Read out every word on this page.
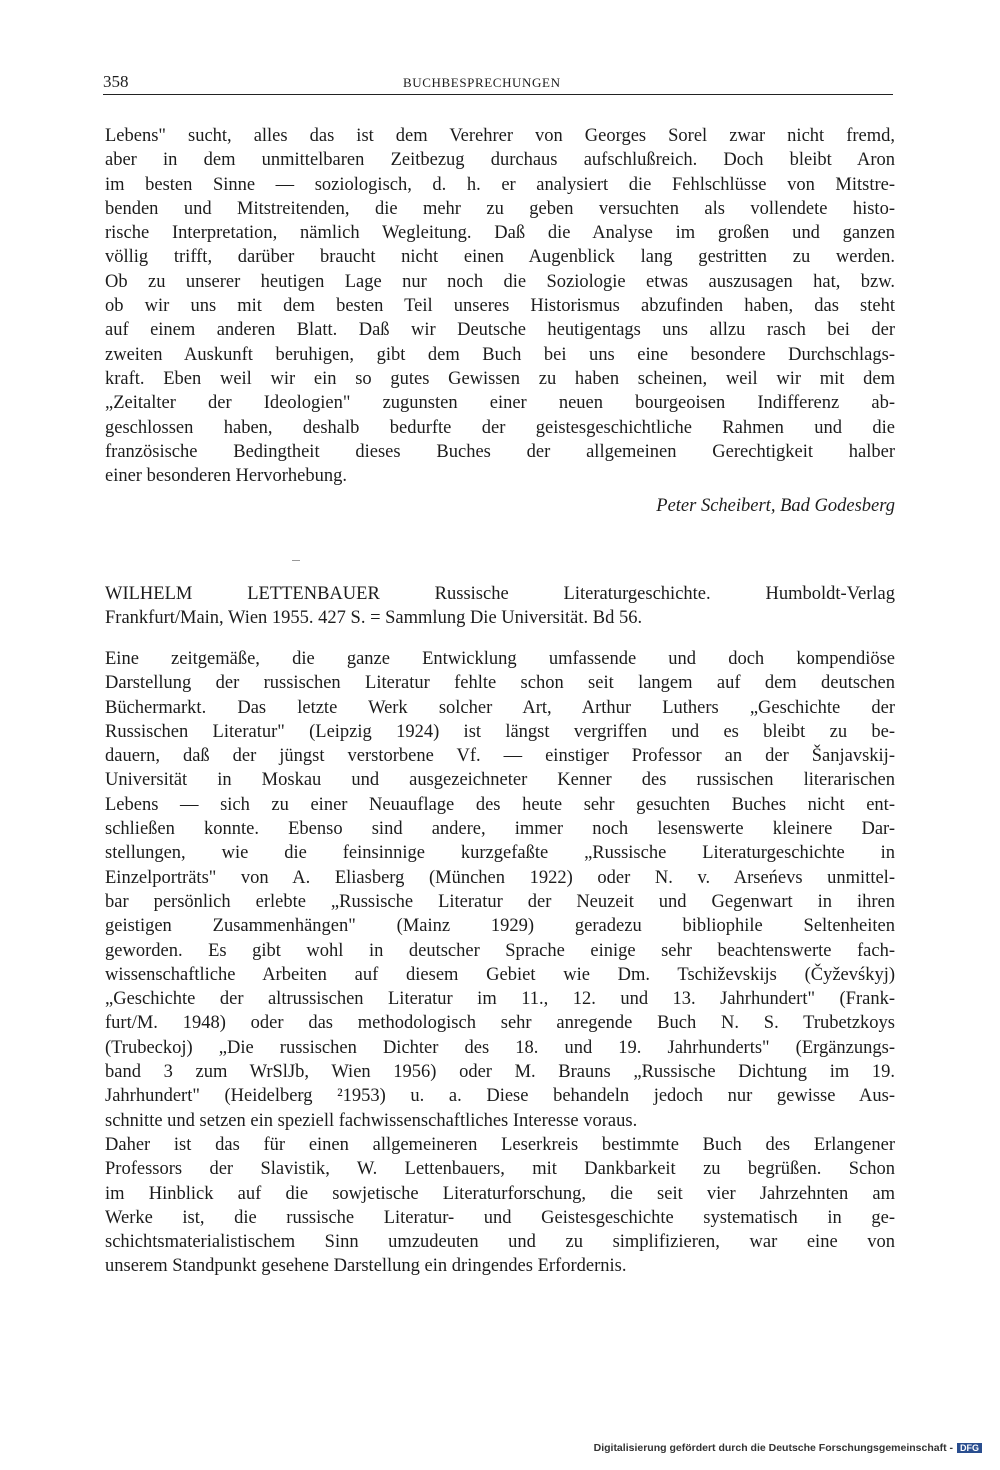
358	BUCHBESPRECHUNGEN
Lebens" sucht, alles das ist dem Verehrer von Georges Sorel zwar nicht fremd,
aber in dem unmittelbaren Zeitbezug durchaus aufschlußreich. Doch bleibt Aron
im besten Sinne — soziologisch, d. h. er analysiert die Fehlschlüsse von Mitstre-
benden und Mitstreitenden, die mehr zu geben versuchten als vollendete histo-
rische Interpretation, nämlich Wegleitung. Daß die Analyse im großen und ganzen
völlig trifft, darüber braucht nicht einen Augenblick lang gestritten zu werden.
Ob zu unserer heutigen Lage nur noch die Soziologie etwas auszusagen hat, bzw.
ob wir uns mit dem besten Teil unseres Historismus abzufinden haben, das steht
auf einem anderen Blatt. Daß wir Deutsche heutigentags uns allzu rasch bei der
zweiten Auskunft beruhigen, gibt dem Buch bei uns eine besondere Durchschlags-
kraft. Eben weil wir ein so gutes Gewissen zu haben scheinen, weil wir mit dem
„Zeitalter der Ideologien" zugunsten einer neuen bourgeoisen Indifferenz ab-
geschlossen haben, deshalb bedurfte der geistesgeschichtliche Rahmen und die
französische Bedingtheit dieses Buches der allgemeinen Gerechtigkeit halber
einer besonderen Hervorhebung.
Peter Scheibert, Bad Godesberg
WILHELM LETTENBAUER Russische Literaturgeschichte. Humboldt-Verlag
Frankfurt/Main, Wien 1955. 427 S. = Sammlung Die Universität. Bd 56.
Eine zeitgemäße, die ganze Entwicklung umfassende und doch kompendiöse
Darstellung der russischen Literatur fehlte schon seit langem auf dem deutschen
Büchermarkt. Das letzte Werk solcher Art, Arthur Luthers „Geschichte der
Russischen Literatur" (Leipzig 1924) ist längst vergriffen und es bleibt zu be-
dauern, daß der jüngst verstorbene Vf. — einstiger Professor an der Šanjavskij-
Universität in Moskau und ausgezeichneter Kenner des russischen literarischen
Lebens — sich zu einer Neuauflage des heute sehr gesuchten Buches nicht ent-
schließen konnte. Ebenso sind andere, immer noch lesenswerte kleinere Dar-
stellungen, wie die feinsinnige kurzgefaßte „Russische Literaturgeschichte in
Einzelporträts" von A. Eliasberg (München 1922) oder N. v. Arseńevs unmittel-
bar persönlich erlebte „Russische Literatur der Neuzeit und Gegenwart in ihren
geistigen Zusammenhängen" (Mainz 1929) geradezu bibliophile Seltenheiten
geworden. Es gibt wohl in deutscher Sprache einige sehr beachtenswerte fach-
wissenschaftliche Arbeiten auf diesem Gebiet wie Dm. Tschiževskijs (Čyževśkyj)
„Geschichte der altrussischen Literatur im 11., 12. und 13. Jahrhundert" (Frank-
furt/M. 1948) oder das methodologisch sehr anregende Buch N. S. Trubetzkoys
(Trubeckoj) „Die russischen Dichter des 18. und 19. Jahrhunderts" (Ergänzungs-
band 3 zum WrSlJb, Wien 1956) oder M. Brauns „Russische Dichtung im 19.
Jahrhundert" (Heidelberg ²1953) u. a. Diese behandeln jedoch nur gewisse Aus-
schnitte und setzen ein speziell fachwissenschaftliches Interesse voraus.
Daher ist das für einen allgemeineren Leserkreis bestimmte Buch des Erlangener
Professors der Slavistik, W. Lettenbauers, mit Dankbarkeit zu begrüßen. Schon
im Hinblick auf die sowjetische Literaturforschung, die seit vier Jahrzehnten am
Werke ist, die russische Literatur- und Geistesgeschichte systematisch in ge-
schichtsmaterialistischem Sinn umzudeuten und zu simplifizieren, war eine von
unserem Standpunkt gesehene Darstellung ein dringendes Erfordernis.
Digitalisierung gefördert durch die Deutsche Forschungsgemeinschaft - DFG
